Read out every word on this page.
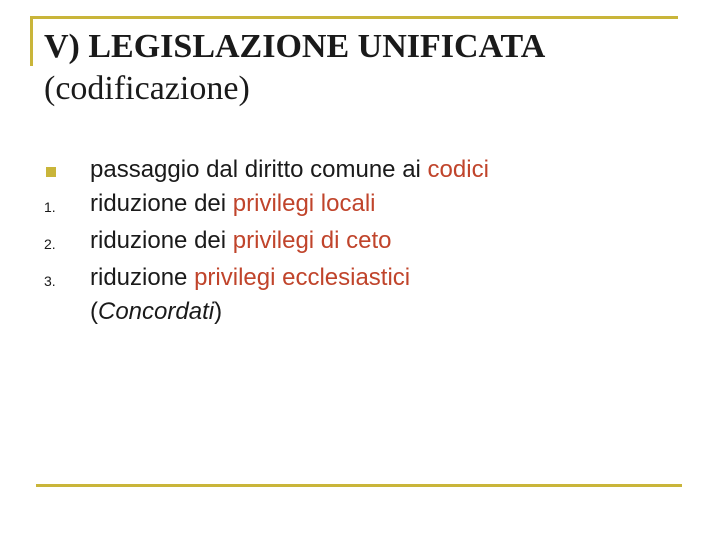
V) LEGISLAZIONE UNIFICATA
(codificazione)
passaggio dal diritto comune ai codici
1.	riduzione dei privilegi locali
2.	riduzione dei privilegi di ceto
3.	riduzione privilegi ecclesiastici
(Concordati)
